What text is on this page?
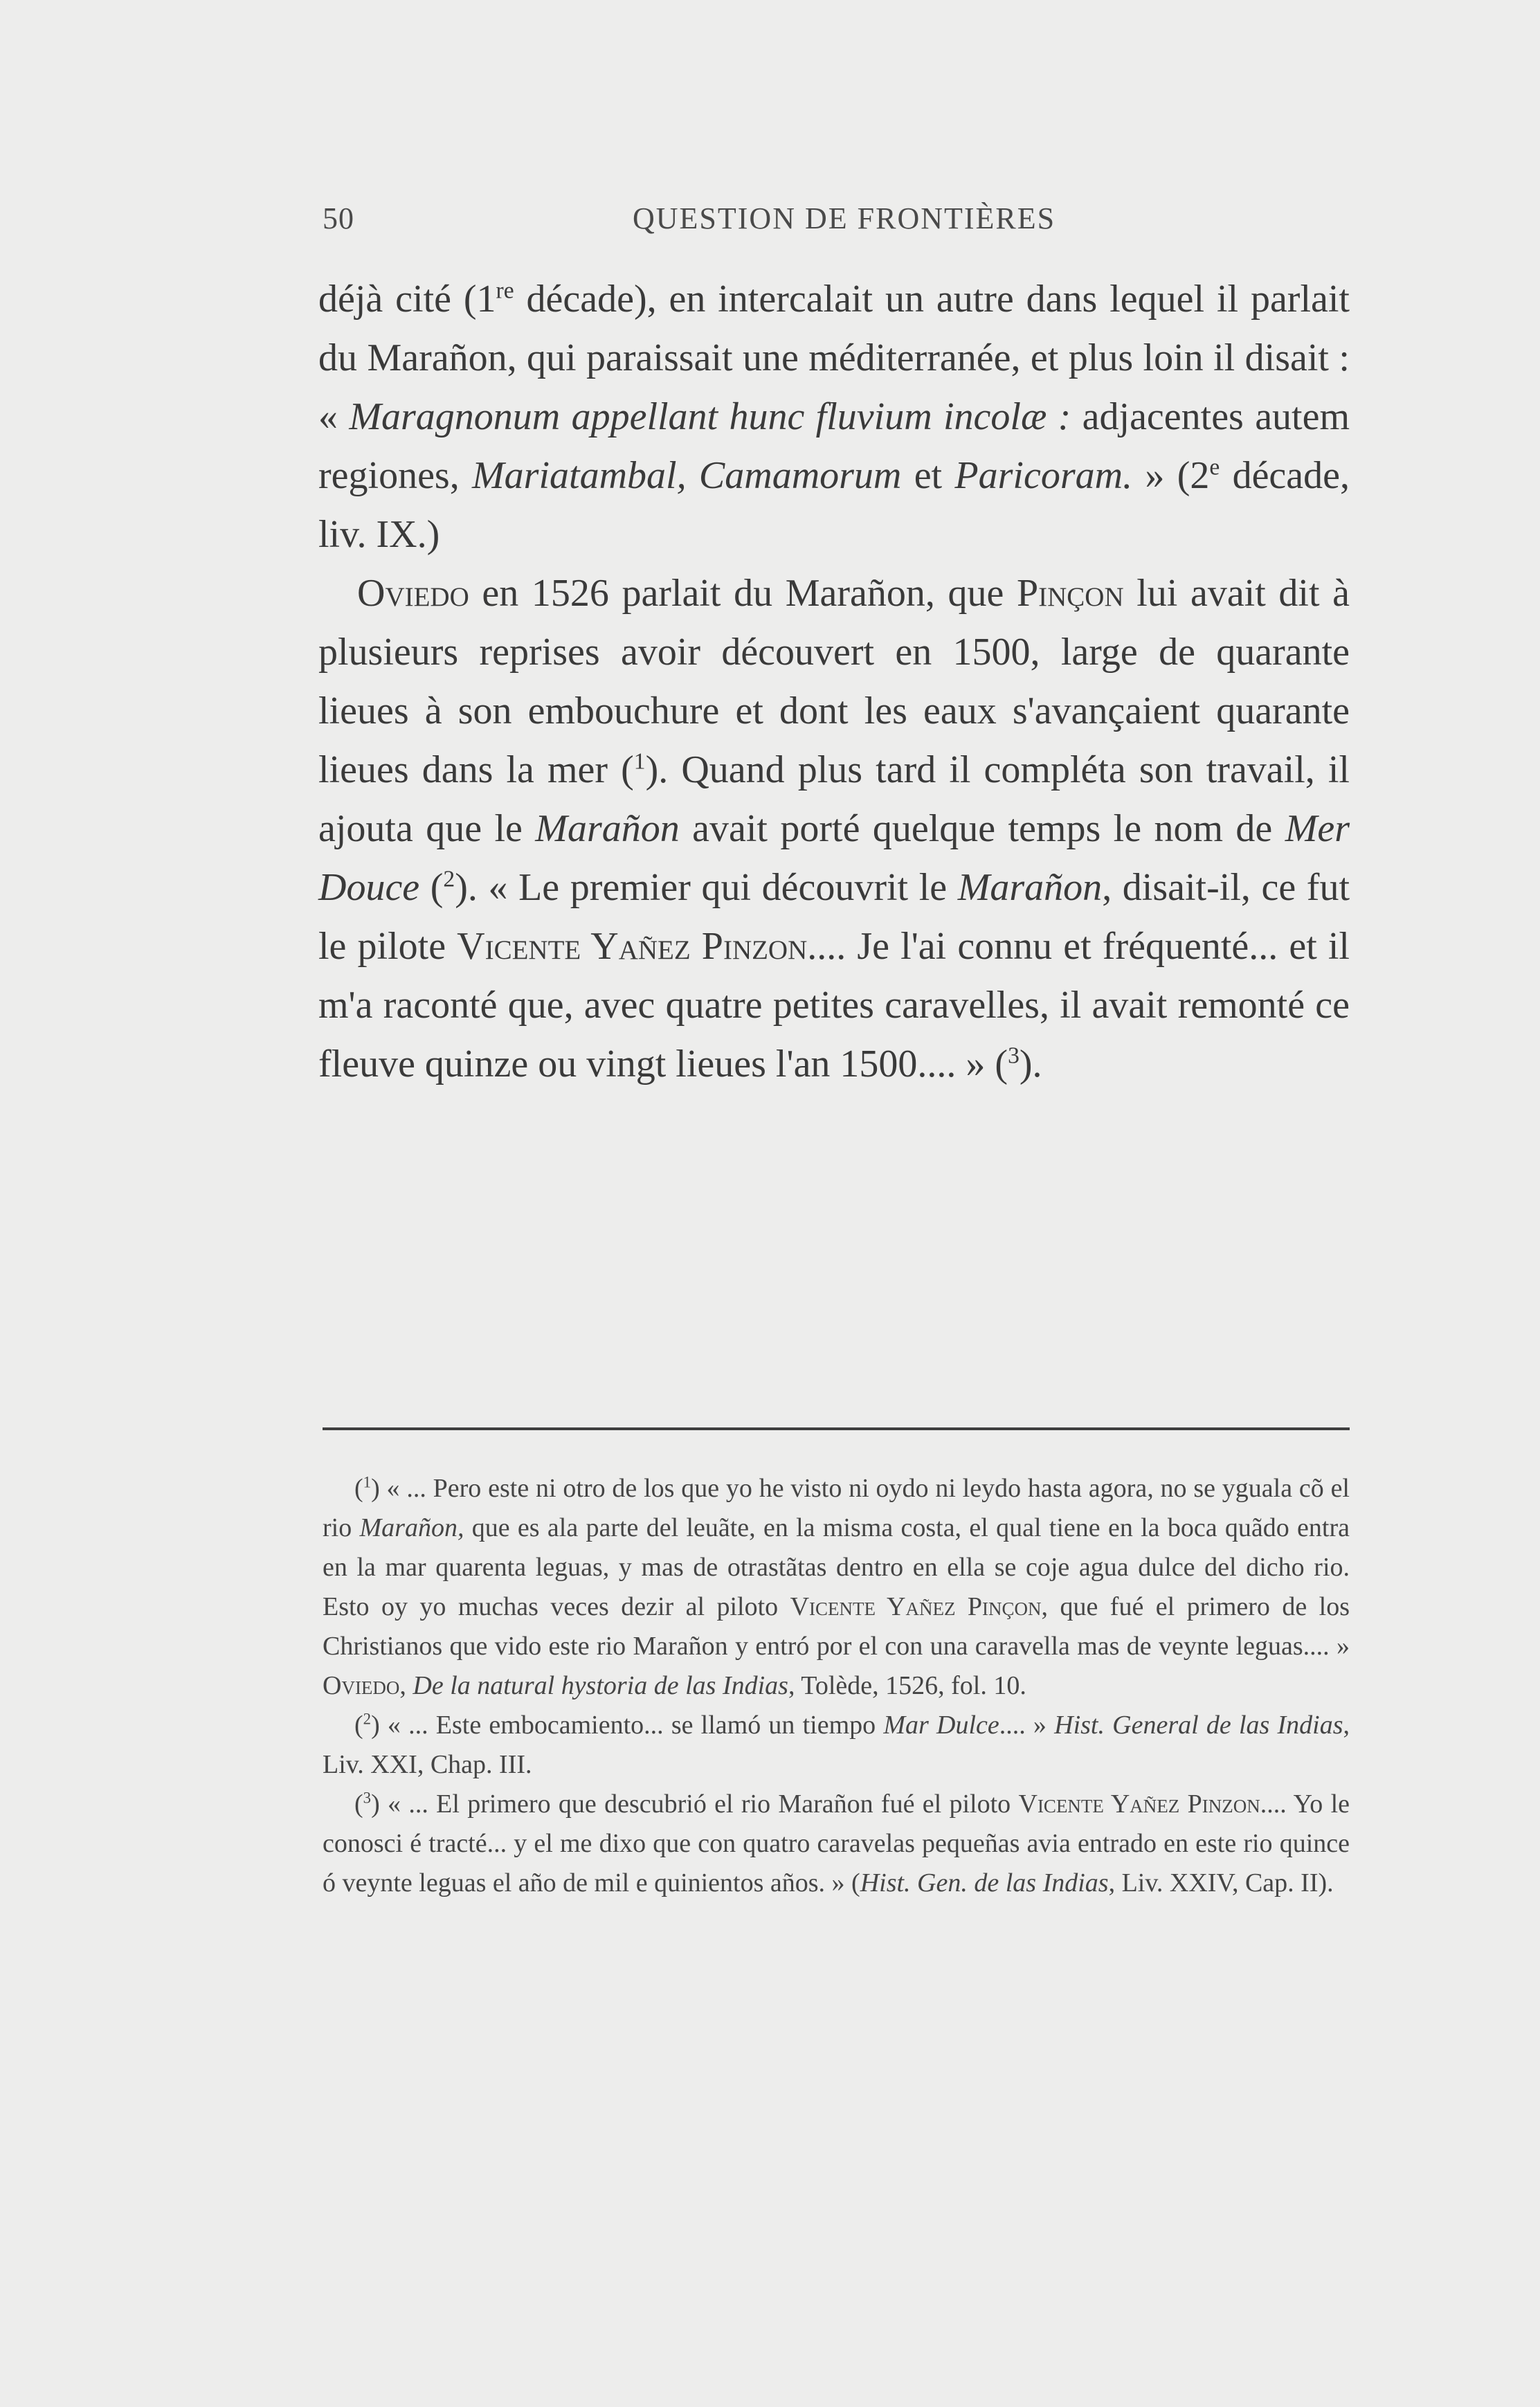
50	QUESTION DE FRONTIÈRES

déjà cité (1re décade), en intercalait un autre dans lequel il parlait du Marañon, qui paraissait une méditerranée, et plus loin il disait : « Maragnonum appellant hunc fluvium incolæ : adjacentes autem regiones, Mariatambal, Camamorum et Paricoram. » (2e décade, liv. IX.)

Oviedo en 1526 parlait du Marañon, que Pinçon lui avait dit à plusieurs reprises avoir découvert en 1500, large de quarante lieues à son embouchure et dont les eaux s'avançaient quarante lieues dans la mer ($^1$). Quand plus tard il compléta son travail, il ajouta que le Marañon avait porté quelque temps le nom de Mer Douce ($^2$). « Le premier qui découvrit le Marañon, disait-il, ce fut le pilote Vicente Yañez Pinzon.... Je l'ai connu et fréquenté... et il m'a raconté que, avec quatre petites caravelles, il avait remonté ce fleuve quinze ou vingt lieues l'an 1500.... » ($^3$).

($^1$) « ... Pero este ni otro de los que yo he visto ni oydo ni leydo hasta agora, no se yguala cõ el rio Marañon, que es ala parte del leuãte, en la misma costa, el qual tiene en la boca quãdo entra en la mar quarenta leguas, y mas de otrastãtas dentro en ella se coje agua dulce del dicho rio. Esto oy yo muchas veces dezir al piloto Vicente Yañez Pinçon, que fué el primero de los Christianos que vido este rio Marañon y entró por el con una caravella mas de veynte leguas.... » Oviedo, De la natural hystoria de las Indias, Tolède, 1526, fol. 10.

($^2$) « ... Este embocamiento... se llamó un tiempo Mar Dulce.... » Hist. General de las Indias, Liv. XXI, Chap. III.

($^3$) « ... El primero que descubrió el rio Marañon fué el piloto Vicente Yañez Pinzon.... Yo le conosci é tracté... y el me dixo que con quatro caravelas pequeñas avia entrado en este rio quince ó veynte leguas el año de mil e quinientos años. » (Hist. Gen. de las Indias, Liv. XXIV, Cap. II).
